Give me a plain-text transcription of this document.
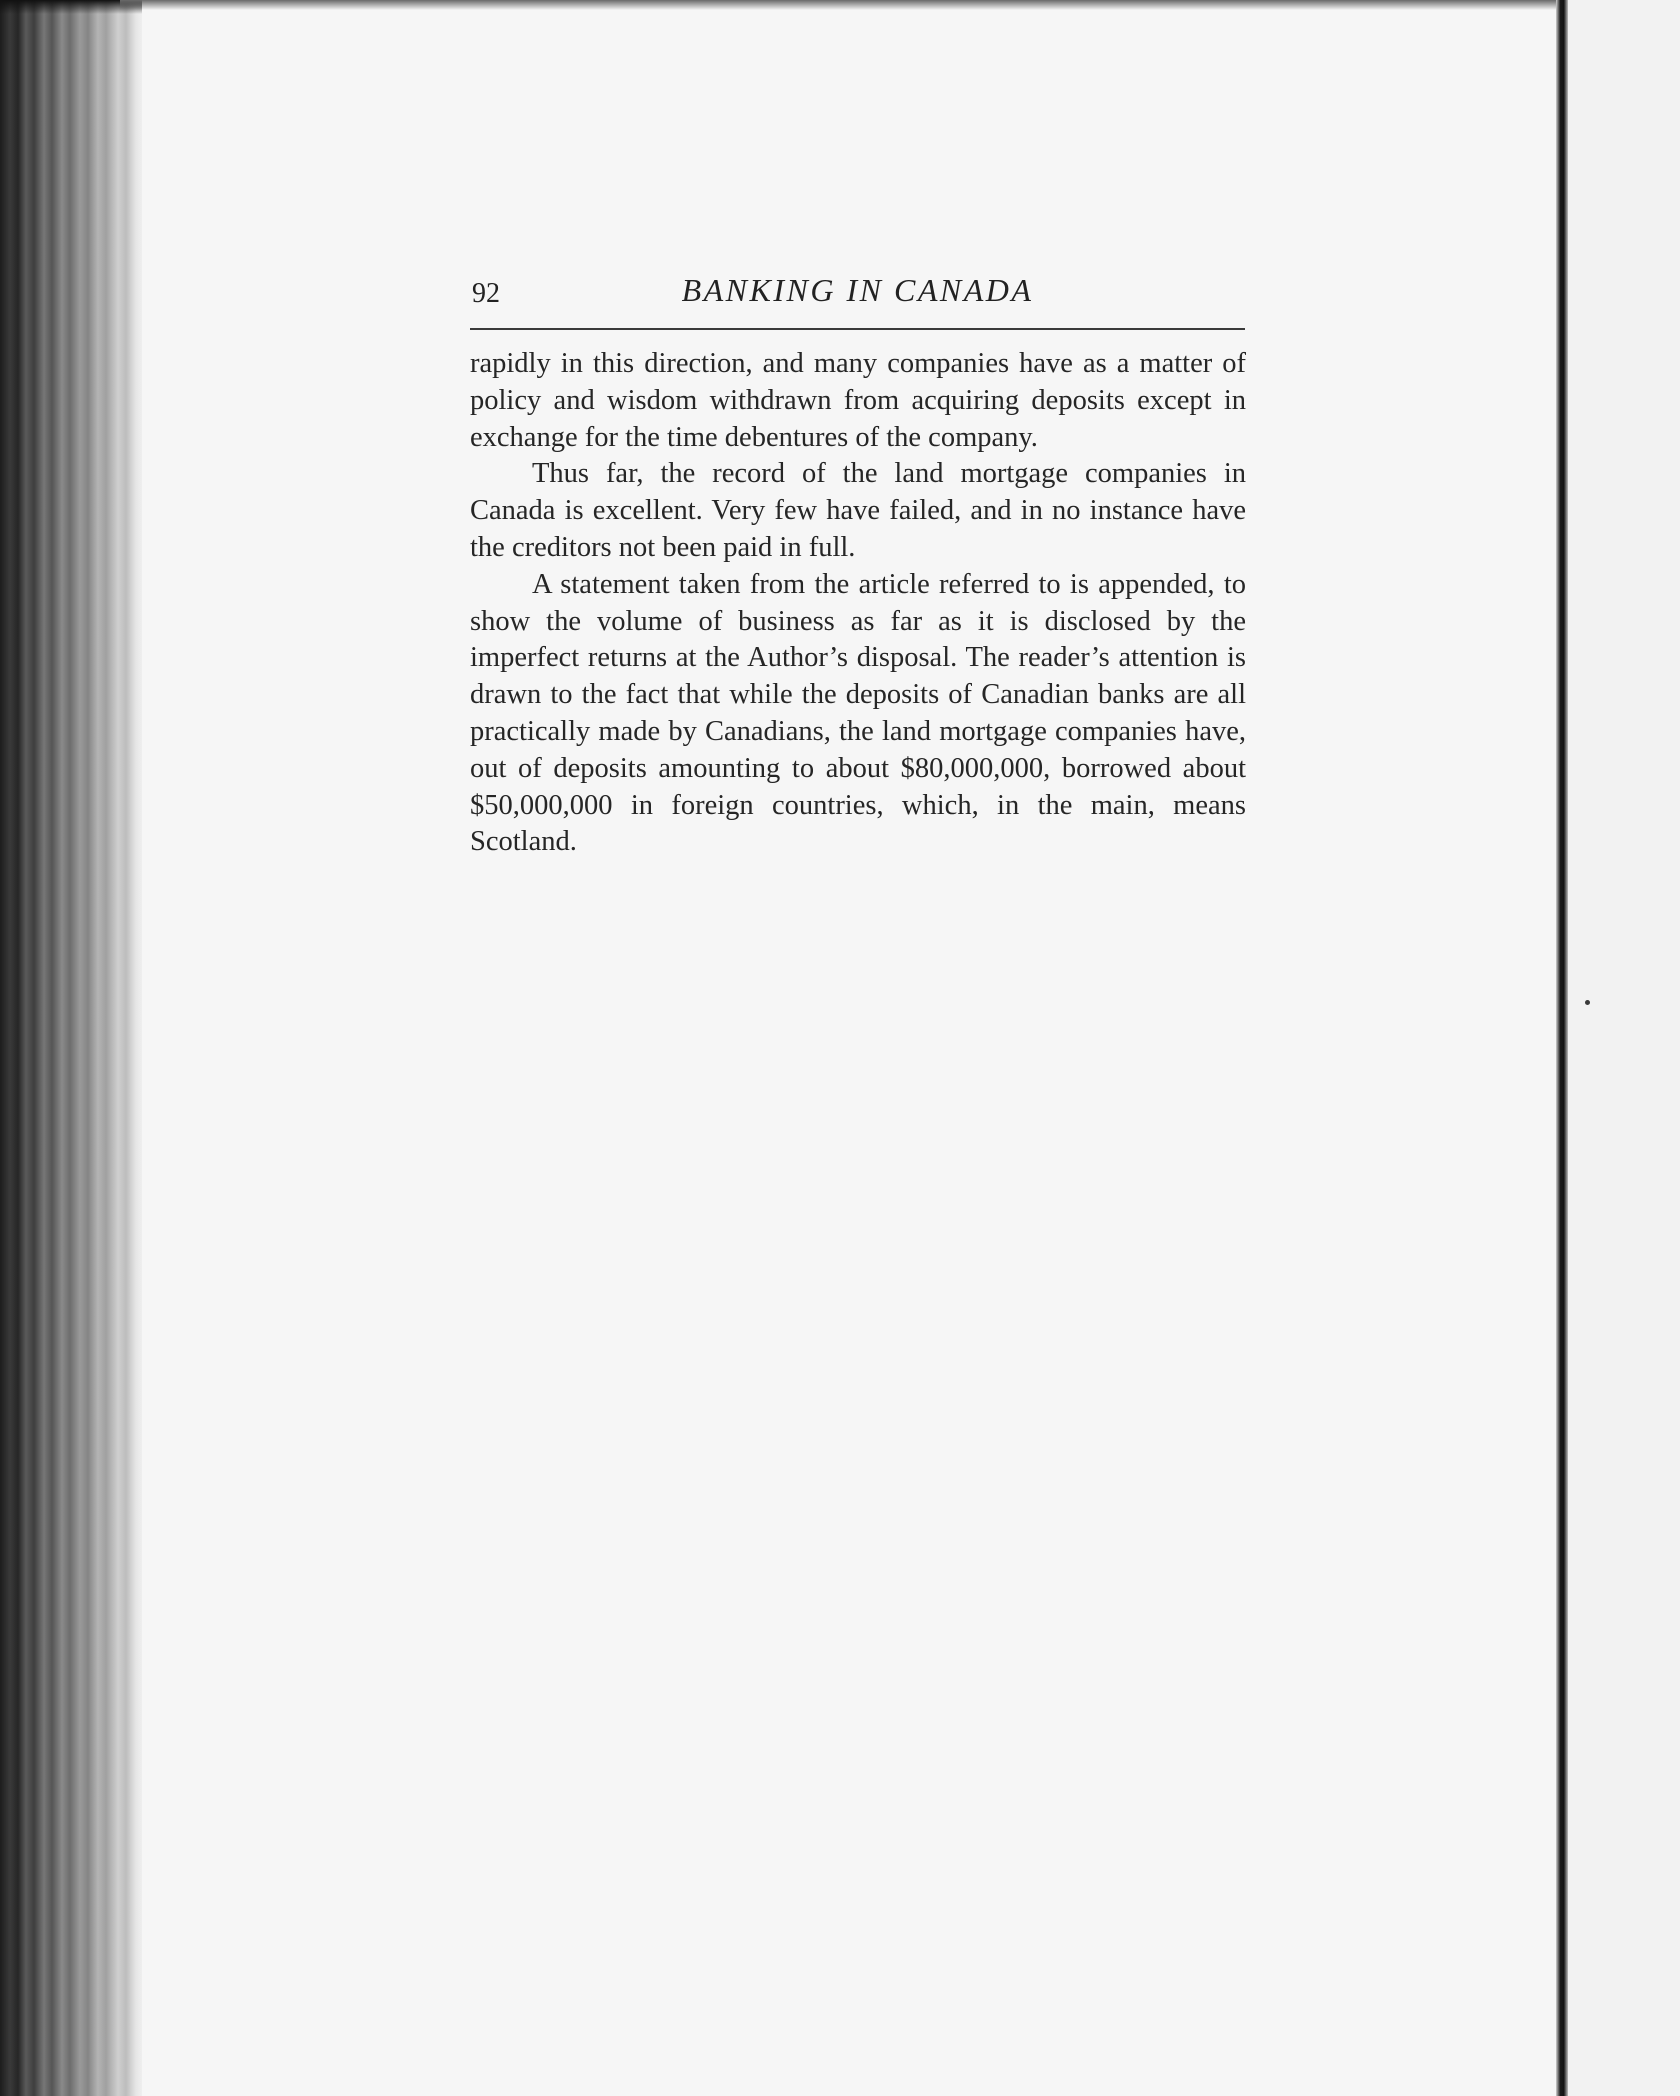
92	BANKING IN CANADA

rapidly in this direction, and many companies have as a matter of policy and wisdom withdrawn from acquiring deposits except in exchange for the time debentures of the company.

Thus far, the record of the land mortgage companies in Canada is excellent. Very few have failed, and in no instance have the creditors not been paid in full.

A statement taken from the article referred to is appended, to show the volume of business as far as it is disclosed by the imperfect returns at the Author’s disposal. The reader’s attention is drawn to the fact that while the deposits of Canadian banks are all practically made by Canadians, the land mortgage companies have, out of deposits amounting to about $80,000,000, borrowed about $50,000,000 in foreign countries, which, in the main, means Scotland.
